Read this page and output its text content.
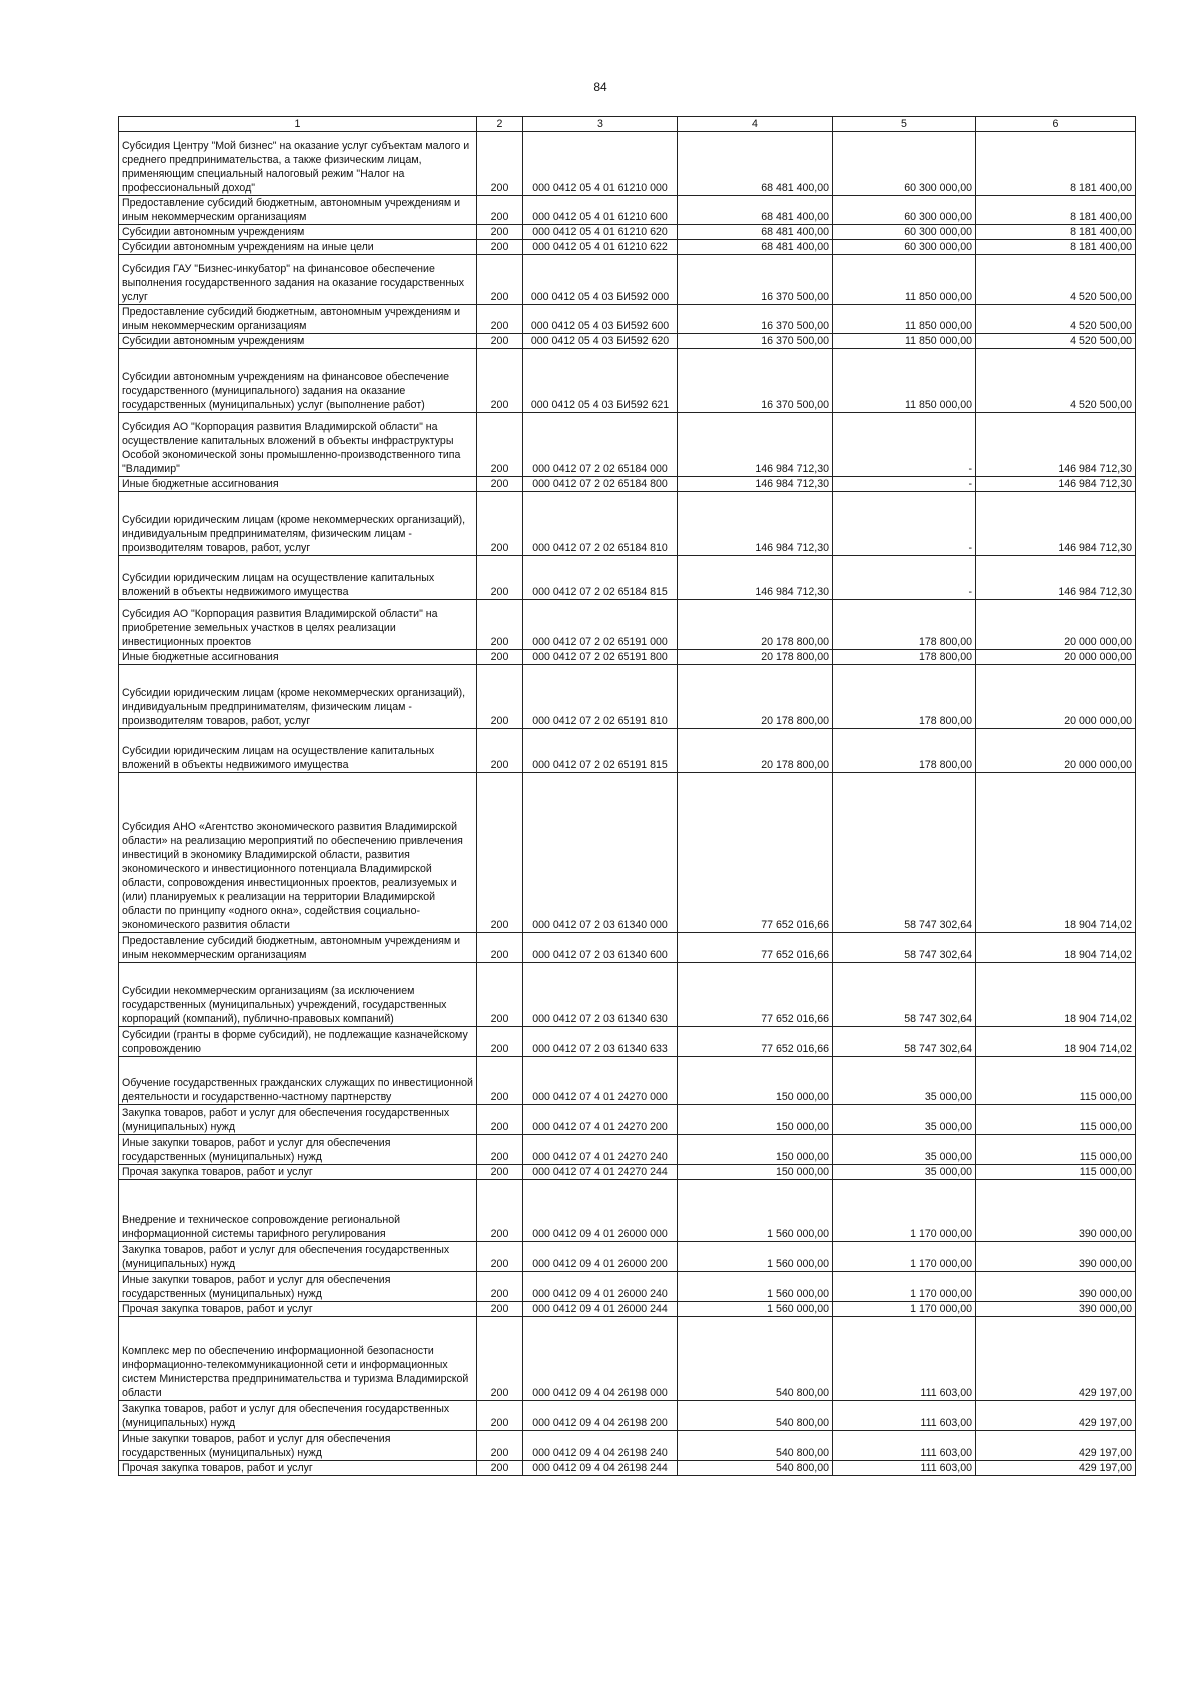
84
1	2	3	4	5	6
Субсидия Центру "Мой бизнес" на оказание услуг субъектам малого и среднего предпринимательства, а также физическим лицам, применяющим специальный налоговый режим "Налог на профессиональный доход"	200	000 0412 05 4 01 61210 000	68 481 400,00	60 300 000,00	8 181 400,00
Предоставление субсидий бюджетным, автономным учреждениям и иным некоммерческим организациям	200	000 0412 05 4 01 61210 600	68 481 400,00	60 300 000,00	8 181 400,00
Субсидии автономным учреждениям	200	000 0412 05 4 01 61210 620	68 481 400,00	60 300 000,00	8 181 400,00
Субсидии автономным учреждениям на иные цели	200	000 0412 05 4 01 61210 622	68 481 400,00	60 300 000,00	8 181 400,00
Субсидия ГАУ "Бизнес-инкубатор" на финансовое обеспечение выполнения государственного задания на оказание государственных услуг	200	000 0412 05 4 03 БИ592 000	16 370 500,00	11 850 000,00	4 520 500,00
Предоставление субсидий бюджетным, автономным учреждениям и иным некоммерческим организациям	200	000 0412 05 4 03 БИ592 600	16 370 500,00	11 850 000,00	4 520 500,00
Субсидии автономным учреждениям	200	000 0412 05 4 03 БИ592 620	16 370 500,00	11 850 000,00	4 520 500,00
Субсидии автономным учреждениям на финансовое обеспечение государственного (муниципального) задания на оказание государственных (муниципальных) услуг (выполнение работ)	200	000 0412 05 4 03 БИ592 621	16 370 500,00	11 850 000,00	4 520 500,00
Субсидия АО "Корпорация развития Владимирской области" на осуществление капитальных вложений в объекты инфраструктуры Особой экономической зоны промышленно-производственного типа "Владимир"	200	000 0412 07 2 02 65184 000	146 984 712,30	-	146 984 712,30
Иные бюджетные ассигнования	200	000 0412 07 2 02 65184 800	146 984 712,30	-	146 984 712,30
Субсидии юридическим лицам (кроме некоммерческих организаций), индивидуальным предпринимателям, физическим лицам - производителям товаров, работ, услуг	200	000 0412 07 2 02 65184 810	146 984 712,30	-	146 984 712,30
Субсидии юридическим лицам на осуществление капитальных вложений в объекты недвижимого имущества	200	000 0412 07 2 02 65184 815	146 984 712,30	-	146 984 712,30
Субсидия АО "Корпорация развития Владимирской области" на приобретение земельных участков в целях реализации инвестиционных проектов	200	000 0412 07 2 02 65191 000	20 178 800,00	178 800,00	20 000 000,00
Иные бюджетные ассигнования	200	000 0412 07 2 02 65191 800	20 178 800,00	178 800,00	20 000 000,00
Субсидии юридическим лицам (кроме некоммерческих организаций), индивидуальным предпринимателям, физическим лицам - производителям товаров, работ, услуг	200	000 0412 07 2 02 65191 810	20 178 800,00	178 800,00	20 000 000,00
Субсидии юридическим лицам на осуществление капитальных вложений в объекты недвижимого имущества	200	000 0412 07 2 02 65191 815	20 178 800,00	178 800,00	20 000 000,00
Субсидия АНО «Агентство экономического развития Владимирской области» на реализацию мероприятий по обеспечению привлечения инвестиций в экономику Владимирской области, развития экономического и инвестиционного потенциала Владимирской области, сопровождения инвестиционных проектов, реализуемых и (или) планируемых к реализации на территории Владимирской области по принципу «одного окна», содействия социально-экономического развития области	200	000 0412 07 2 03 61340 000	77 652 016,66	58 747 302,64	18 904 714,02
Предоставление субсидий бюджетным, автономным учреждениям и иным некоммерческим организациям	200	000 0412 07 2 03 61340 600	77 652 016,66	58 747 302,64	18 904 714,02
Субсидии некоммерческим организациям (за исключением государственных (муниципальных) учреждений, государственных корпораций (компаний), публично-правовых компаний)	200	000 0412 07 2 03 61340 630	77 652 016,66	58 747 302,64	18 904 714,02
Субсидии (гранты в форме субсидий), не подлежащие казначейскому сопровождению	200	000 0412 07 2 03 61340 633	77 652 016,66	58 747 302,64	18 904 714,02
Обучение государственных гражданских служащих по инвестиционной деятельности и государственно-частному партнерству	200	000 0412 07 4 01 24270 000	150 000,00	35 000,00	115 000,00
Закупка товаров, работ и услуг для обеспечения государственных (муниципальных) нужд	200	000 0412 07 4 01 24270 200	150 000,00	35 000,00	115 000,00
Иные закупки товаров, работ и услуг для обеспечения государственных (муниципальных) нужд	200	000 0412 07 4 01 24270 240	150 000,00	35 000,00	115 000,00
Прочая закупка товаров, работ и услуг	200	000 0412 07 4 01 24270 244	150 000,00	35 000,00	115 000,00
Внедрение и техническое сопровождение региональной информационной системы тарифного регулирования	200	000 0412 09 4 01 26000 000	1 560 000,00	1 170 000,00	390 000,00
Закупка товаров, работ и услуг для обеспечения государственных (муниципальных) нужд	200	000 0412 09 4 01 26000 200	1 560 000,00	1 170 000,00	390 000,00
Иные закупки товаров, работ и услуг для обеспечения государственных (муниципальных) нужд	200	000 0412 09 4 01 26000 240	1 560 000,00	1 170 000,00	390 000,00
Прочая закупка товаров, работ и услуг	200	000 0412 09 4 01 26000 244	1 560 000,00	1 170 000,00	390 000,00
Комплекс мер по обеспечению информационной безопасности информационно-телекоммуникационной сети и информационных систем Министерства предпринимательства и туризма Владимирской области	200	000 0412 09 4 04 26198 000	540 800,00	111 603,00	429 197,00
Закупка товаров, работ и услуг для обеспечения государственных (муниципальных) нужд	200	000 0412 09 4 04 26198 200	540 800,00	111 603,00	429 197,00
Иные закупки товаров, работ и услуг для обеспечения государственных (муниципальных) нужд	200	000 0412 09 4 04 26198 240	540 800,00	111 603,00	429 197,00
Прочая закупка товаров, работ и услуг	200	000 0412 09 4 04 26198 244	540 800,00	111 603,00	429 197,00
